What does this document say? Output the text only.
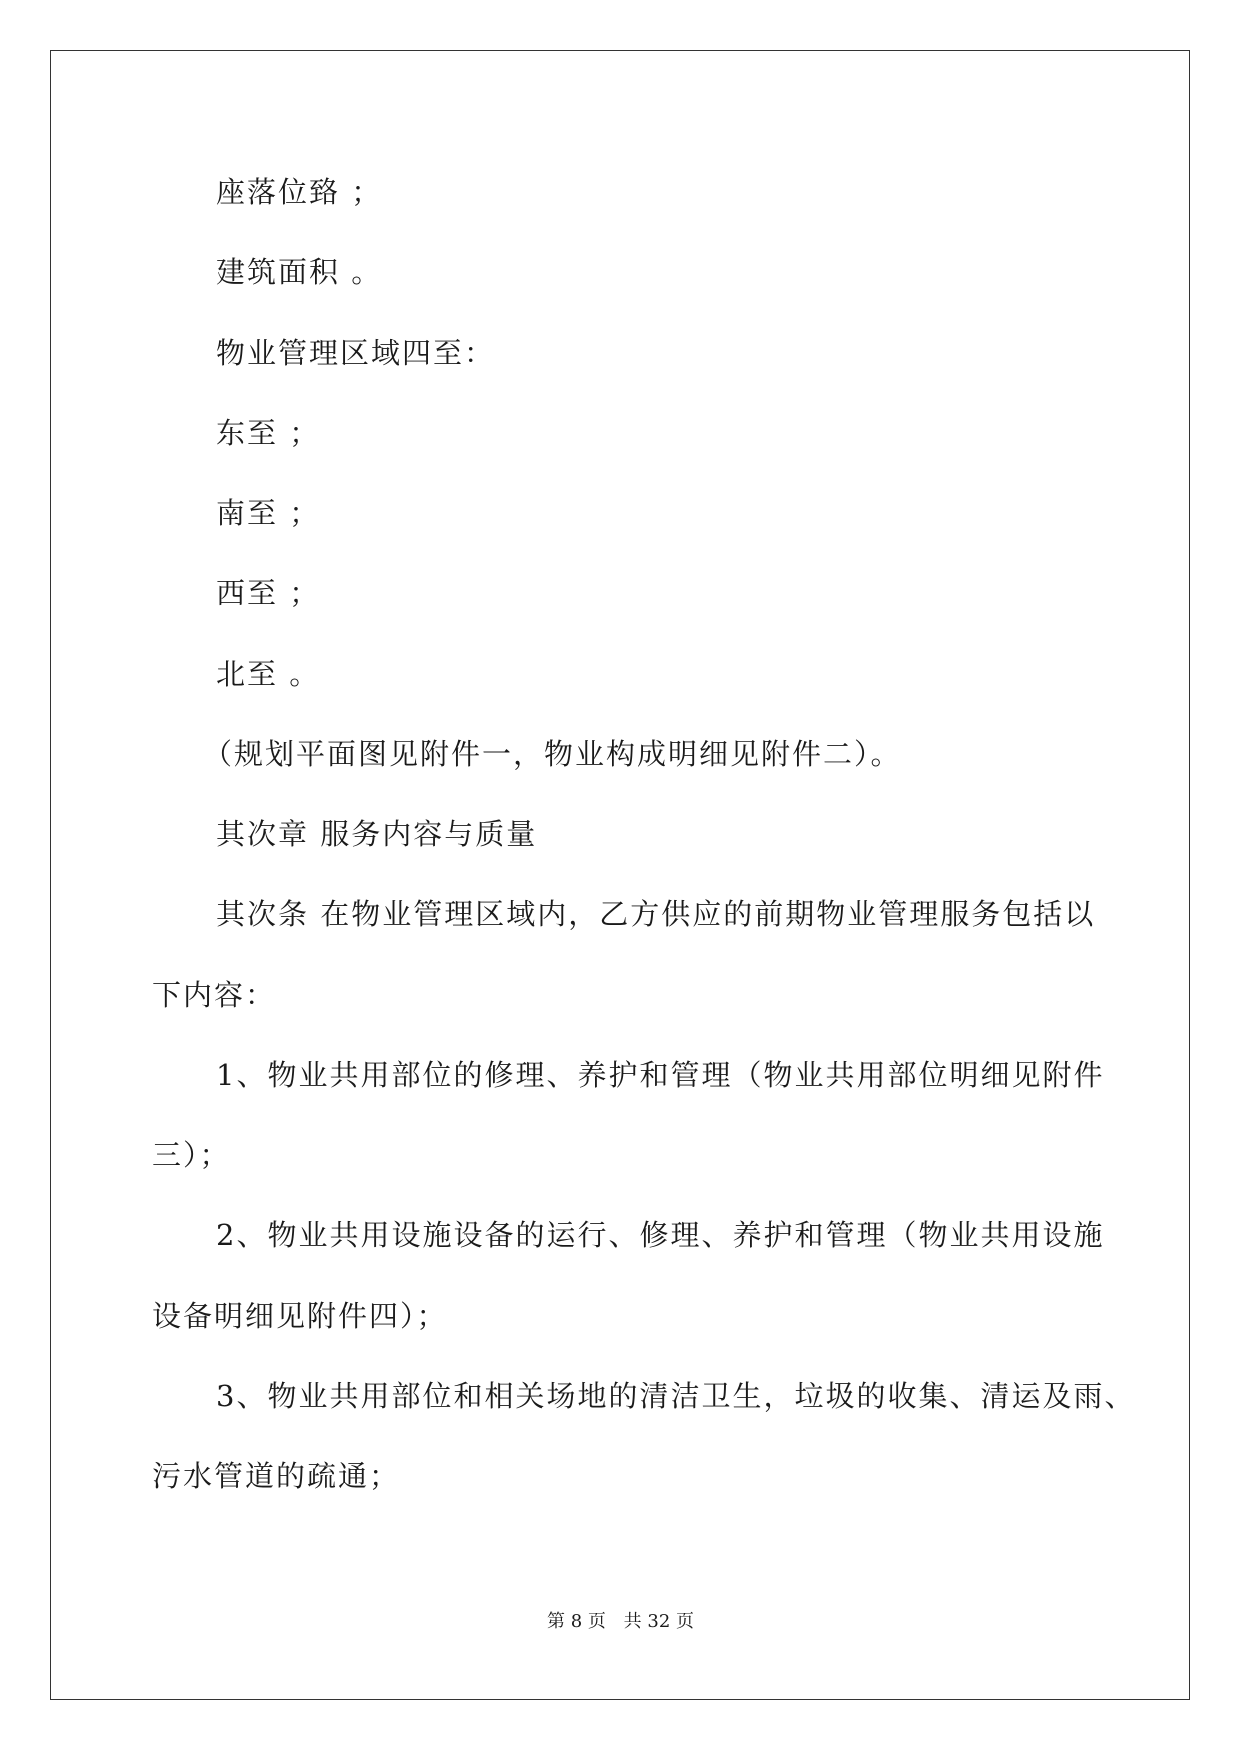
座落位臵 ；
建筑面积 。
物业管理区域四至：
东至 ；
南至 ；
西至 ；
北至 。
（规划平面图见附件一，物业构成明细见附件二）。
其次章 服务内容与质量
其次条 在物业管理区域内，乙方供应的前期物业管理服务包括以
下内容：
1、物业共用部位的修理、养护和管理（物业共用部位明细见附件
三）；
2、物业共用设施设备的运行、修理、养护和管理（物业共用设施
设备明细见附件四）；
3、物业共用部位和相关场地的清洁卫生，垃圾的收集、清运及雨、
污水管道的疏通；
第 8 页 共 32 页
